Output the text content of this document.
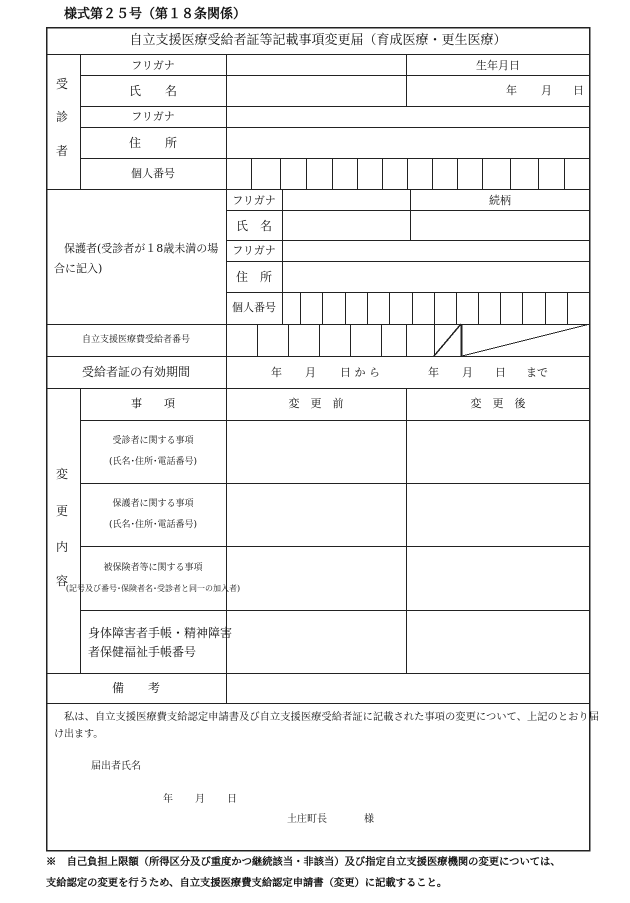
様式第２５号（第１８条関係）
自立支援医療受給者証等記載事項変更届（育成医療・更生医療）
受
診
者
フリガナ	生年月日
氏　　名	年 月 日
フリガナ
住　　所
個人番号
保護者(受診者が１8歳未満の場
合に記入)
フリガナ	続柄
氏　名
フリガナ
住　所
個人番号
自立支援医療費受給者番号
受給者証の有効期間	年 月 日 か ら	年 月 日 まで
変
更
内
容
事　　項	変　更　前	変　更　後
受診者に関する事項
(氏名･住所･電話番号)
保護者に関する事項
(氏名･住所･電話番号)
被保険者等に関する事項
(記号及び番号･保険者名･受診者と同一の加入者)
身体障害者手帳・精神障害
者保健福祉手帳番号
備　　考
私は、自立支援医療費支給認定申請書及び自立支援医療受給者証に記載された事項の変更について、上記のとおり届
け出ます。
届出者氏名
年 月 日
土庄町長	様
※　自己負担上限額（所得区分及び重度かつ継続該当・非該当）及び指定自立支援医療機関の変更については、
支給認定の変更を行うため、自立支援医療費支給認定申請書（変更）に記載すること。
